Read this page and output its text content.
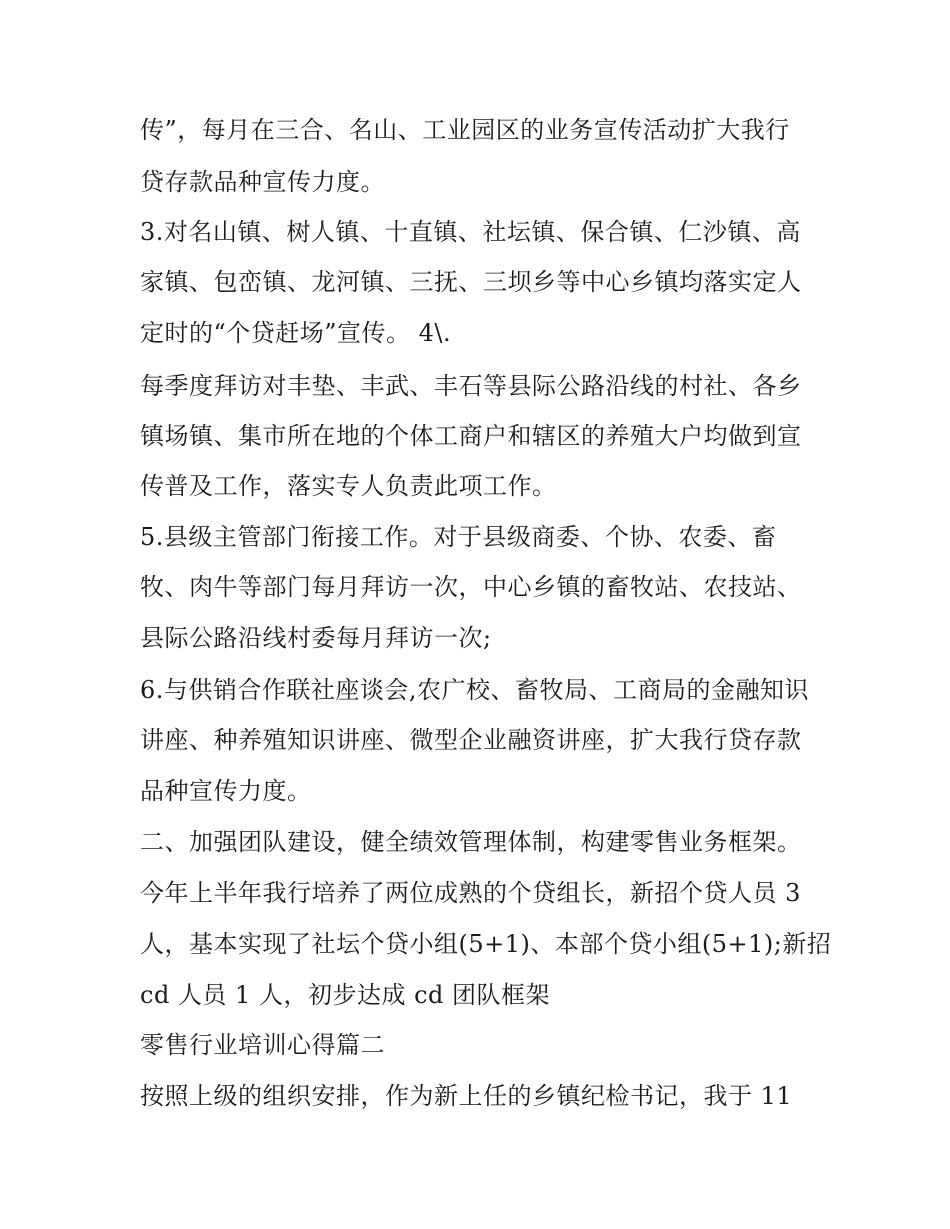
传”，每月在三合、名山、工业园区的业务宣传活动扩大我行
贷存款品种宣传力度。
3.对名山镇、树人镇、十直镇、社坛镇、保合镇、仁沙镇、高
家镇、包峦镇、龙河镇、三抚、三坝乡等中心乡镇均落实定人
定时的“个贷赶场”宣传。 4\.
每季度拜访对丰垫、丰武、丰石等县际公路沿线的村社、各乡
镇场镇、集市所在地的个体工商户和辖区的养殖大户均做到宣
传普及工作，落实专人负责此项工作。
5.县级主管部门衔接工作。对于县级商委、个协、农委、畜
牧、肉牛等部门每月拜访一次，中心乡镇的畜牧站、农技站、
县际公路沿线村委每月拜访一次;
6.与供销合作联社座谈会,农广校、畜牧局、工商局的金融知识
讲座、种养殖知识讲座、微型企业融资讲座，扩大我行贷存款
品种宣传力度。
二、加强团队建设，健全绩效管理体制，构建零售业务框架。
今年上半年我行培养了两位成熟的个贷组长，新招个贷人员 3
人，基本实现了社坛个贷小组(5+1)、本部个贷小组(5+1);新招
cd 人员 1 人，初步达成 cd 团队框架
零售行业培训心得篇二
按照上级的组织安排，作为新上任的乡镇纪检书记，我于 11
